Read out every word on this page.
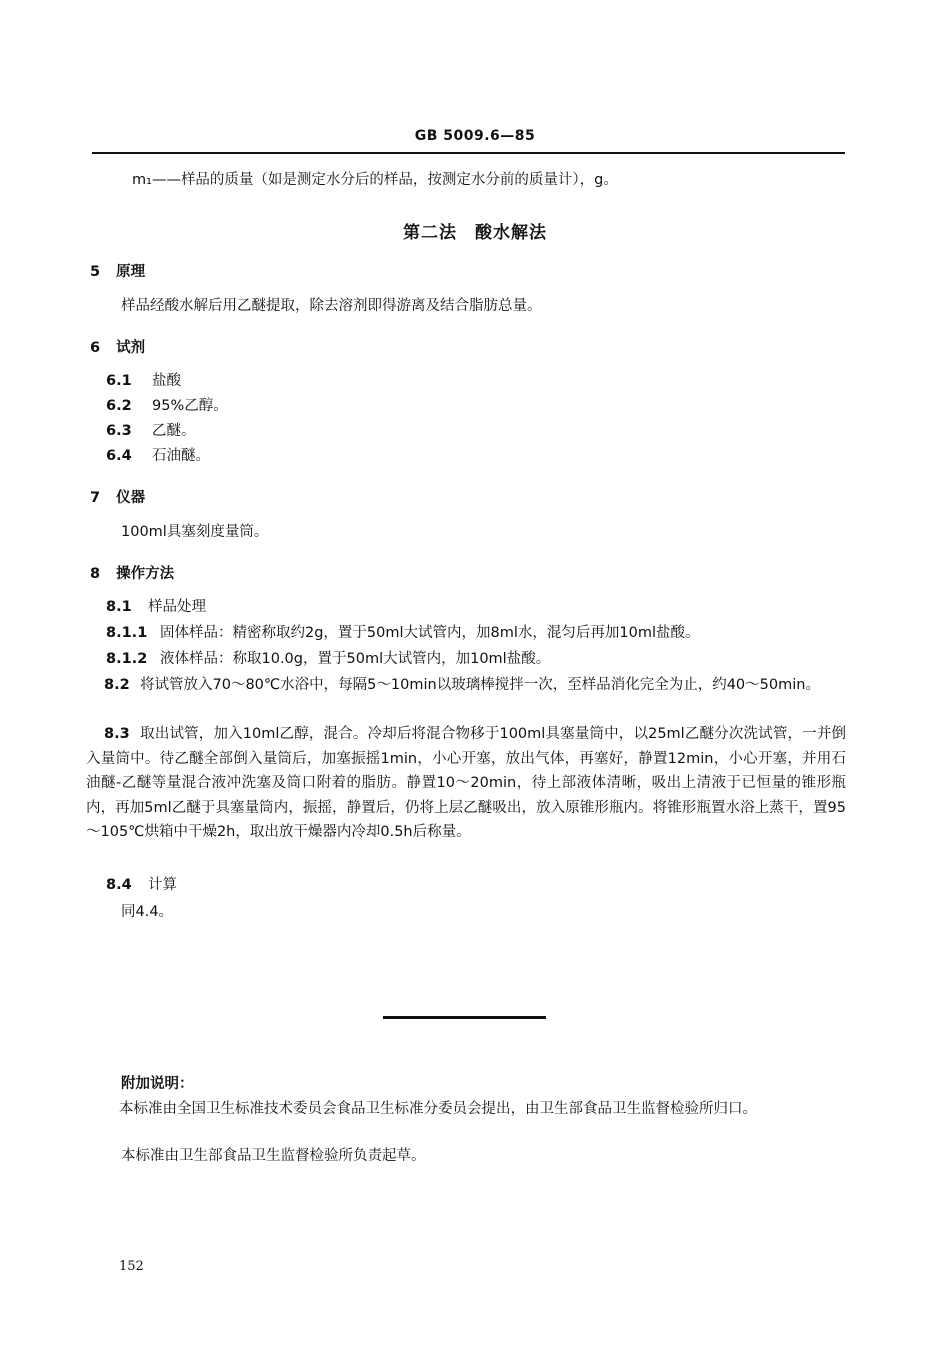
GB 5009.6—85
m₁——样品的质量（如是测定水分后的样品，按测定水分前的质量计），g。
第二法　酸水解法
5 原理
样品经酸水解后用乙醚提取，除去溶剂即得游离及结合脂肪总量。
6 试剂
6.1 盐酸
6.2 95%乙醇。
6.3 乙醚。
6.4 石油醚。
7 仪器
100ml具塞刻度量筒。
8 操作方法
8.1 样品处理
8.1.1 固体样品：精密称取约2g，置于50ml大试管内，加8ml水，混匀后再加10ml盐酸。
8.1.2 液体样品：称取10.0g，置于50ml大试管内，加10ml盐酸。
8.2 将试管放入70～80℃水浴中，每隔5～10min以玻璃棒搅拌一次，至样品消化完全为止，约40～50min。
8.3 取出试管，加入10ml乙醇，混合。冷却后将混合物移于100ml具塞量筒中，以25ml乙醚分次洗试管，一并倒入量筒中。待乙醚全部倒入量筒后，加塞振摇1min，小心开塞，放出气体，再塞好，静置12min，小心开塞，并用石油醚-乙醚等量混合液冲洗塞及筒口附着的脂肪。静置10～20min，待上部液体清晰，吸出上清液于已恒量的锥形瓶内，再加5ml乙醚于具塞量筒内，振摇，静置后，仍将上层乙醚吸出，放入原锥形瓶内。将锥形瓶置水浴上蒸干，置95～105℃烘箱中干燥2h，取出放干燥器内冷却0.5h后称量。
8.4 计算
同4.4。
附加说明：
本标准由全国卫生标准技术委员会食品卫生标准分委员会提出，由卫生部食品卫生监督检验所归口。
本标准由卫生部食品卫生监督检验所负责起草。
152
